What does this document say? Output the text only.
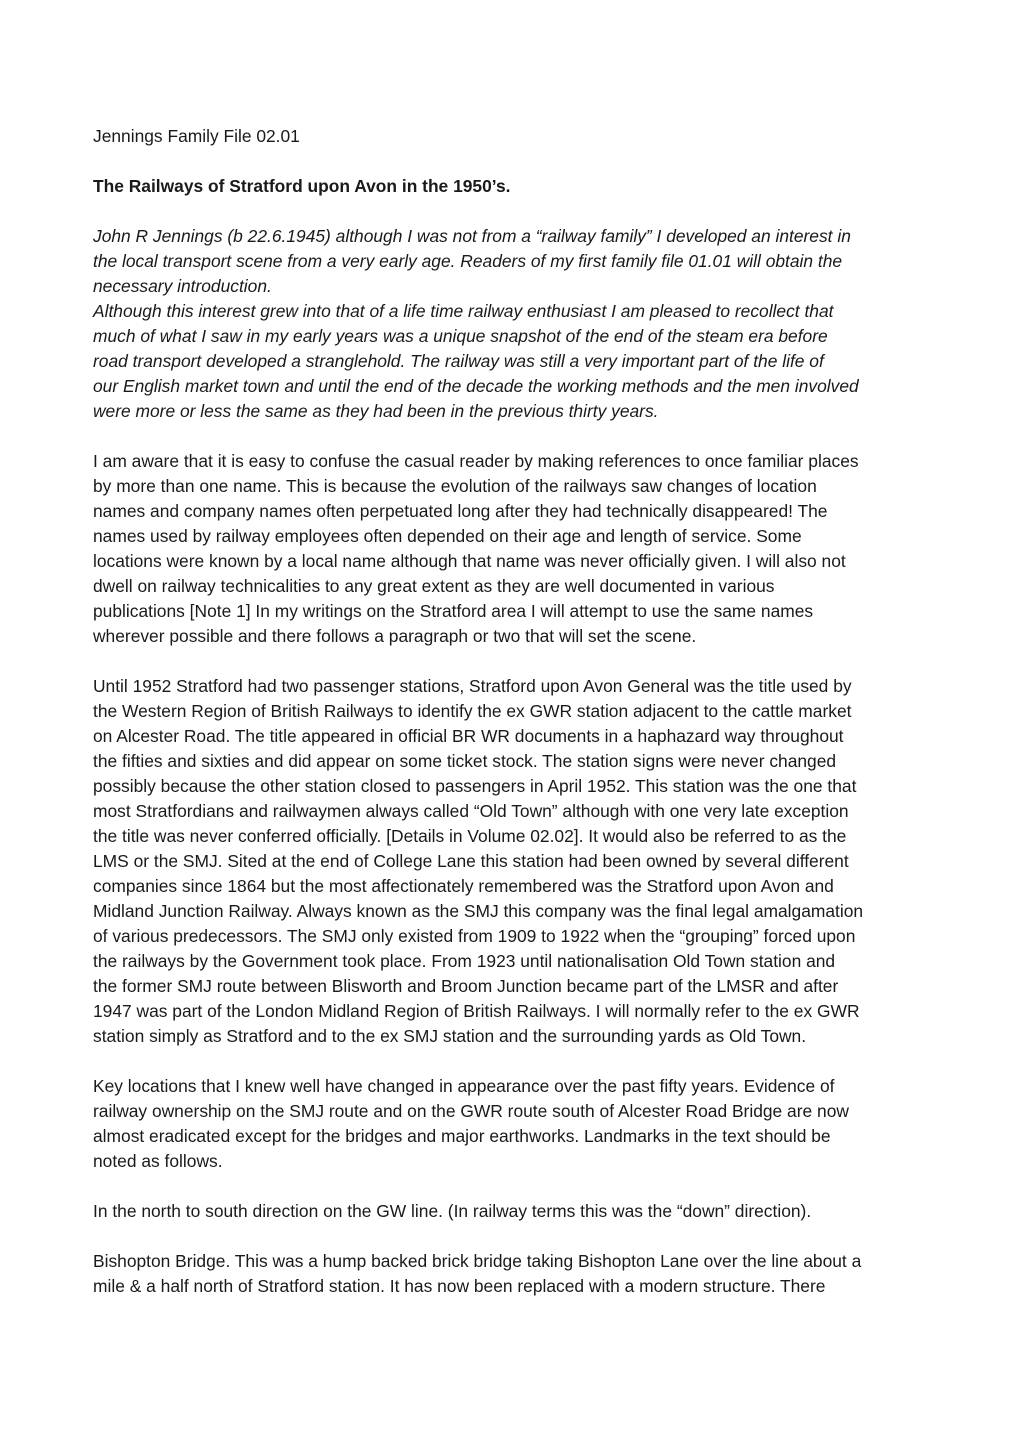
Jennings Family File 02.01

The Railways of Stratford upon Avon in the 1950’s.

John R Jennings (b 22.6.1945) although I was not from a “railway family” I developed an interest in
the local transport scene from a very early age. Readers of my first family file 01.01 will obtain the
necessary introduction.

Although this interest grew into that of a life time railway enthusiast I am pleased to recollect that
much of what I saw in my early years was a unique snapshot of the end of the steam era before
road transport developed a stranglehold. The railway was still a very important part of the life of
our English market town and until the end of the decade the working methods and the men involved
were more or less the same as they had been in the previous thirty years.

I am aware that it is easy to confuse the casual reader by making references to once familiar places
by more than one name. This is because the evolution of the railways saw changes of location
names and company names often perpetuated long after they had technically disappeared! The
names used by railway employees often depended on their age and length of service. Some
locations were known by a local name although that name was never officially given. I will also not
dwell on railway technicalities to any great extent as they are well documented in various
publications [Note 1] In my writings on the Stratford area I will attempt to use the same names
wherever possible and there follows a paragraph or two that will set the scene.

Until 1952 Stratford had two passenger stations, Stratford upon Avon General was the title used by
the Western Region of British Railways to identify the ex GWR station adjacent to the cattle market
on Alcester Road. The title appeared in official BR WR documents in a haphazard way throughout
the fifties and sixties and did appear on some ticket stock. The station signs were never changed
possibly because the other station closed to passengers in April 1952. This station was the one that
most Stratfordians and railwaymen always called “Old Town” although with one very late exception
the title was never conferred officially. [Details in Volume 02.02]. It would also be referred to as the
LMS or the SMJ. Sited at the end of College Lane this station had been owned by several different
companies since 1864 but the most affectionately remembered was the Stratford upon Avon and
Midland Junction Railway. Always known as the SMJ this company was the final legal amalgamation
of various predecessors. The SMJ only existed from 1909 to 1922 when the “grouping” forced upon
the railways by the Government took place. From 1923 until nationalisation Old Town station and
the former SMJ route between Blisworth and Broom Junction became part of the LMSR and after
1947 was part of the London Midland Region of British Railways. I will normally refer to the ex GWR
station simply as Stratford and to the ex SMJ station and the surrounding yards as Old Town.

Key locations that I knew well have changed in appearance over the past fifty years. Evidence of
railway ownership on the SMJ route and on the GWR route south of Alcester Road Bridge are now
almost eradicated except for the bridges and major earthworks. Landmarks in the text should be
noted as follows.

In the north to south direction on the GW line. (In railway terms this was the “down” direction).

Bishopton Bridge. This was a hump backed brick bridge taking Bishopton Lane over the line about a
mile & a half north of Stratford station. It has now been replaced with a modern structure. There
